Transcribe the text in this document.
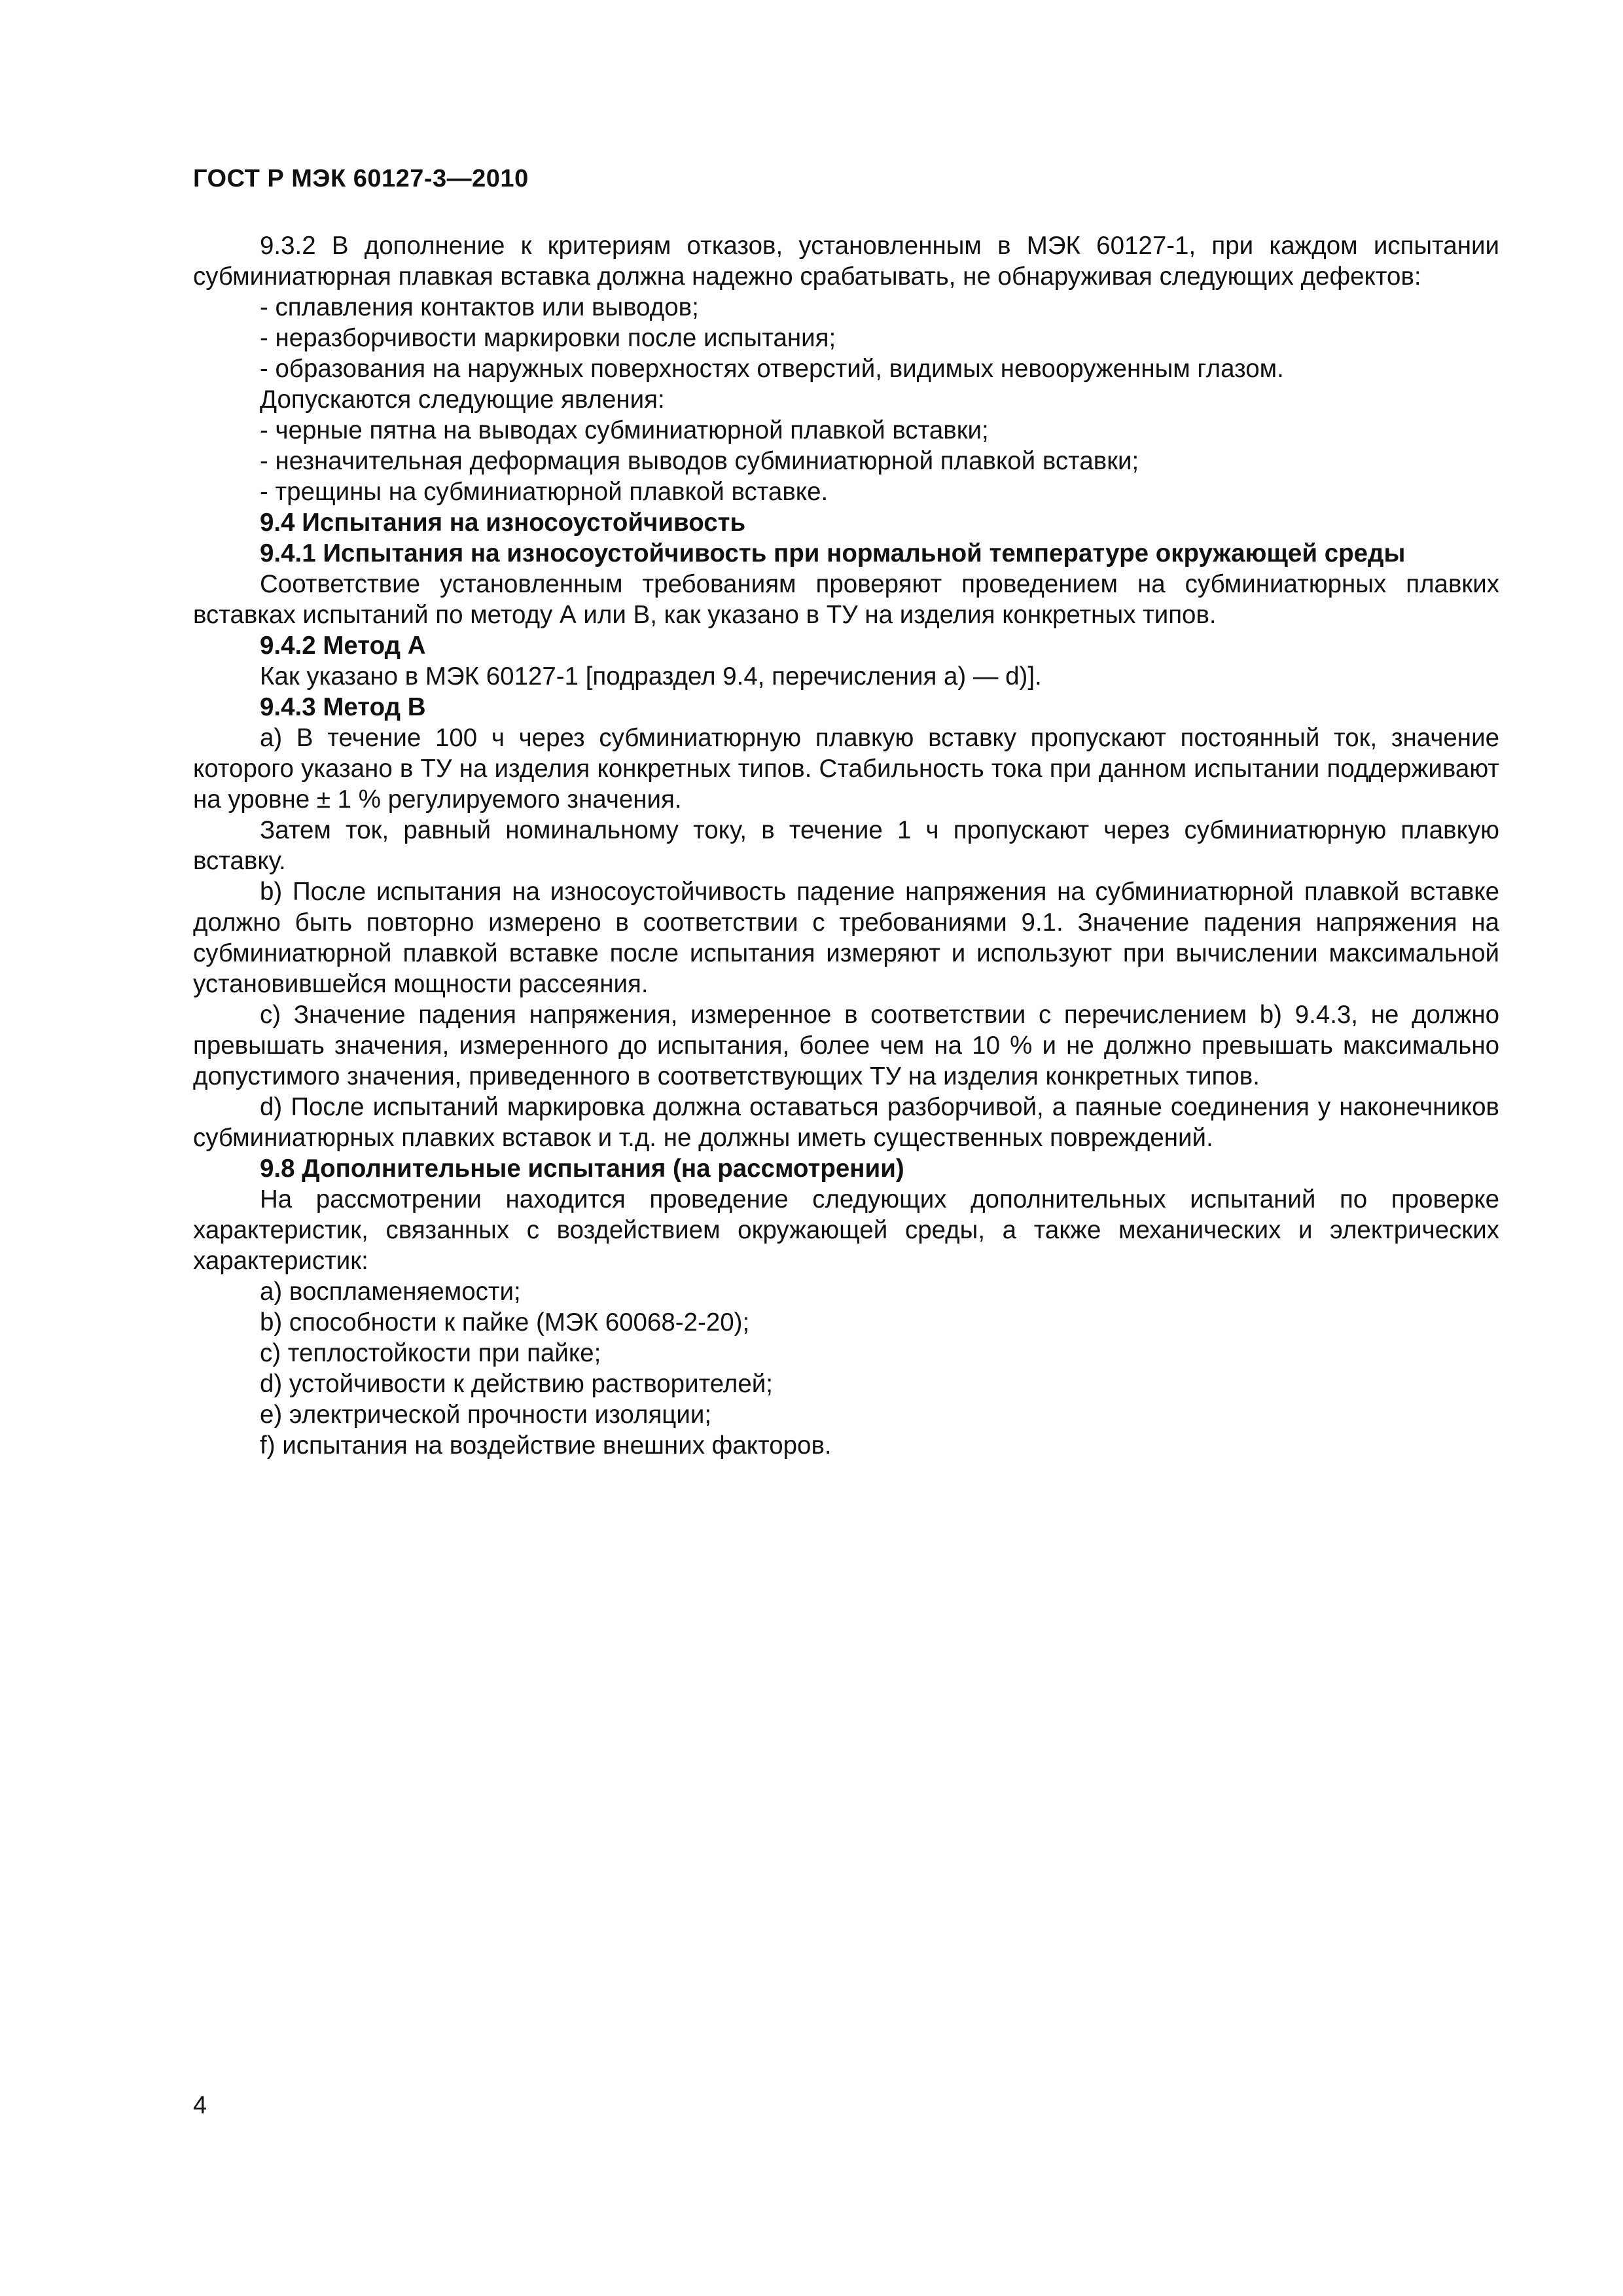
ГОСТ Р МЭК 60127-3—2010

9.3.2 В дополнение к критериям отказов, установленным в МЭК 60127-1, при каждом испытании субминиатюрная плавкая вставка должна надежно срабатывать, не обнаруживая следующих дефектов:

- сплавления контактов или выводов;

- неразборчивости маркировки после испытания;

- образования на наружных поверхностях отверстий, видимых невооруженным глазом.

Допускаются следующие явления:

- черные пятна на выводах субминиатюрной плавкой вставки;

- незначительная деформация выводов субминиатюрной плавкой вставки;

- трещины на субминиатюрной плавкой вставке.

9.4 Испытания на износоустойчивость

9.4.1 Испытания на износоустойчивость при нормальной температуре окружающей среды

Соответствие установленным требованиям проверяют проведением на субминиатюрных плавких вставках испытаний по методу А или В, как указано в ТУ на изделия конкретных типов.

9.4.2 Метод А

Как указано в МЭК 60127-1 [подраздел 9.4, перечисления а) — d)].

9.4.3 Метод В

а) В течение 100 ч через субминиатюрную плавкую вставку пропускают постоянный ток, значение которого указано в ТУ на изделия конкретных типов. Стабильность тока при данном испытании поддерживают на уровне ± 1 % регулируемого значения.

Затем ток, равный номинальному току, в течение 1 ч пропускают через субминиатюрную плавкую вставку.

b) После испытания на износоустойчивость падение напряжения на субминиатюрной плавкой вставке должно быть повторно измерено в соответствии с требованиями 9.1. Значение падения напряжения на субминиатюрной плавкой вставке после испытания измеряют и используют при вычислении максимальной установившейся мощности рассеяния.

с) Значение падения напряжения, измеренное в соответствии с перечислением b) 9.4.3, не должно превышать значения, измеренного до испытания, более чем на 10 % и не должно превышать максимально допустимого значения, приведенного в соответствующих ТУ на изделия конкретных типов.

d) После испытаний маркировка должна оставаться разборчивой, а паяные соединения у наконечников субминиатюрных плавких вставок и т.д. не должны иметь существенных повреждений.

9.8 Дополнительные испытания (на рассмотрении)

На рассмотрении находится проведение следующих дополнительных испытаний по проверке характеристик, связанных с воздействием окружающей среды, а также механических и электрических характеристик:

а) воспламеняемости;

b) способности к пайке (МЭК 60068-2-20);

с) теплостойкости при пайке;

d) устойчивости к действию растворителей;

е) электрической прочности изоляции;

f) испытания на воздействие внешних факторов.

4
